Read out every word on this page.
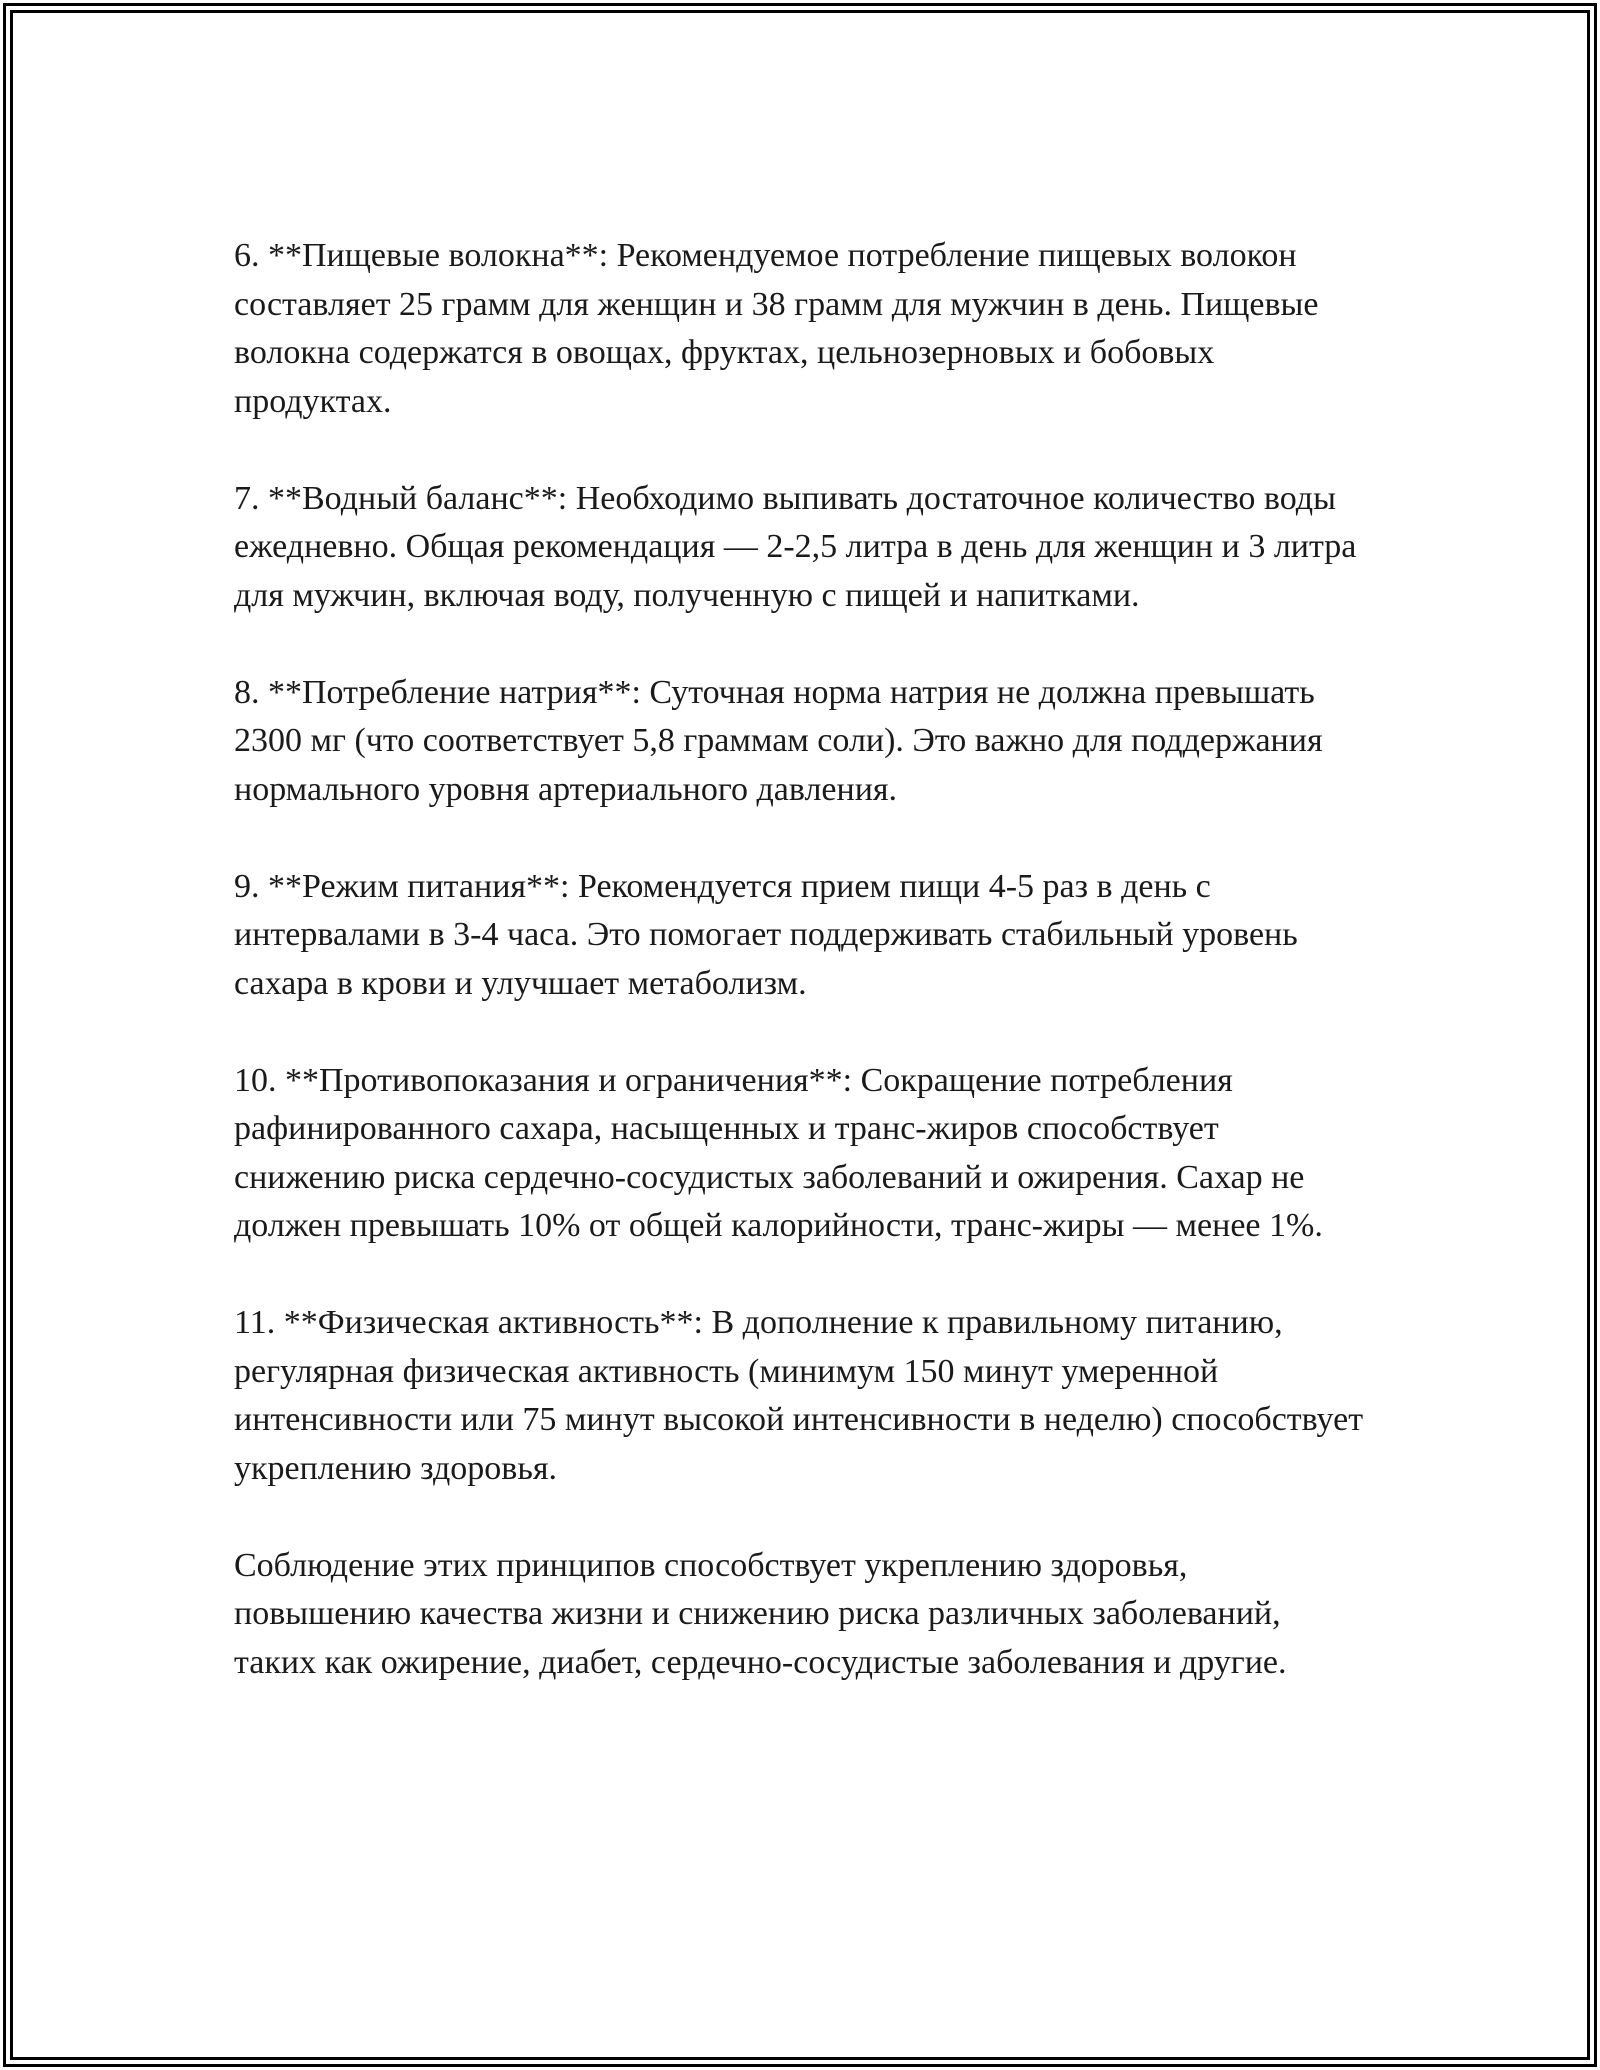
6. **Пищевые волокна**: Рекомендуемое потребление пищевых волокон составляет 25 грамм для женщин и 38 грамм для мужчин в день. Пищевые волокна содержатся в овощах, фруктах, цельнозерновых и бобовых продуктах.

7. **Водный баланс**: Необходимо выпивать достаточное количество воды ежедневно. Общая рекомендация — 2-2,5 литра в день для женщин и 3 литра для мужчин, включая воду, полученную с пищей и напитками.

8. **Потребление натрия**: Суточная норма натрия не должна превышать 2300 мг (что соответствует 5,8 граммам соли). Это важно для поддержания нормального уровня артериального давления.

9. **Режим питания**: Рекомендуется прием пищи 4-5 раз в день с интервалами в 3-4 часа. Это помогает поддерживать стабильный уровень сахара в крови и улучшает метаболизм.

10. **Противопоказания и ограничения**: Сокращение потребления рафинированного сахара, насыщенных и транс-жиров способствует снижению риска сердечно-сосудистых заболеваний и ожирения. Сахар не должен превышать 10% от общей калорийности, транс-жиры — менее 1%.

11. **Физическая активность**: В дополнение к правильному питанию, регулярная физическая активность (минимум 150 минут умеренной интенсивности или 75 минут высокой интенсивности в неделю) способствует укреплению здоровья.

Соблюдение этих принципов способствует укреплению здоровья, повышению качества жизни и снижению риска различных заболеваний, таких как ожирение, диабет, сердечно-сосудистые заболевания и другие.
